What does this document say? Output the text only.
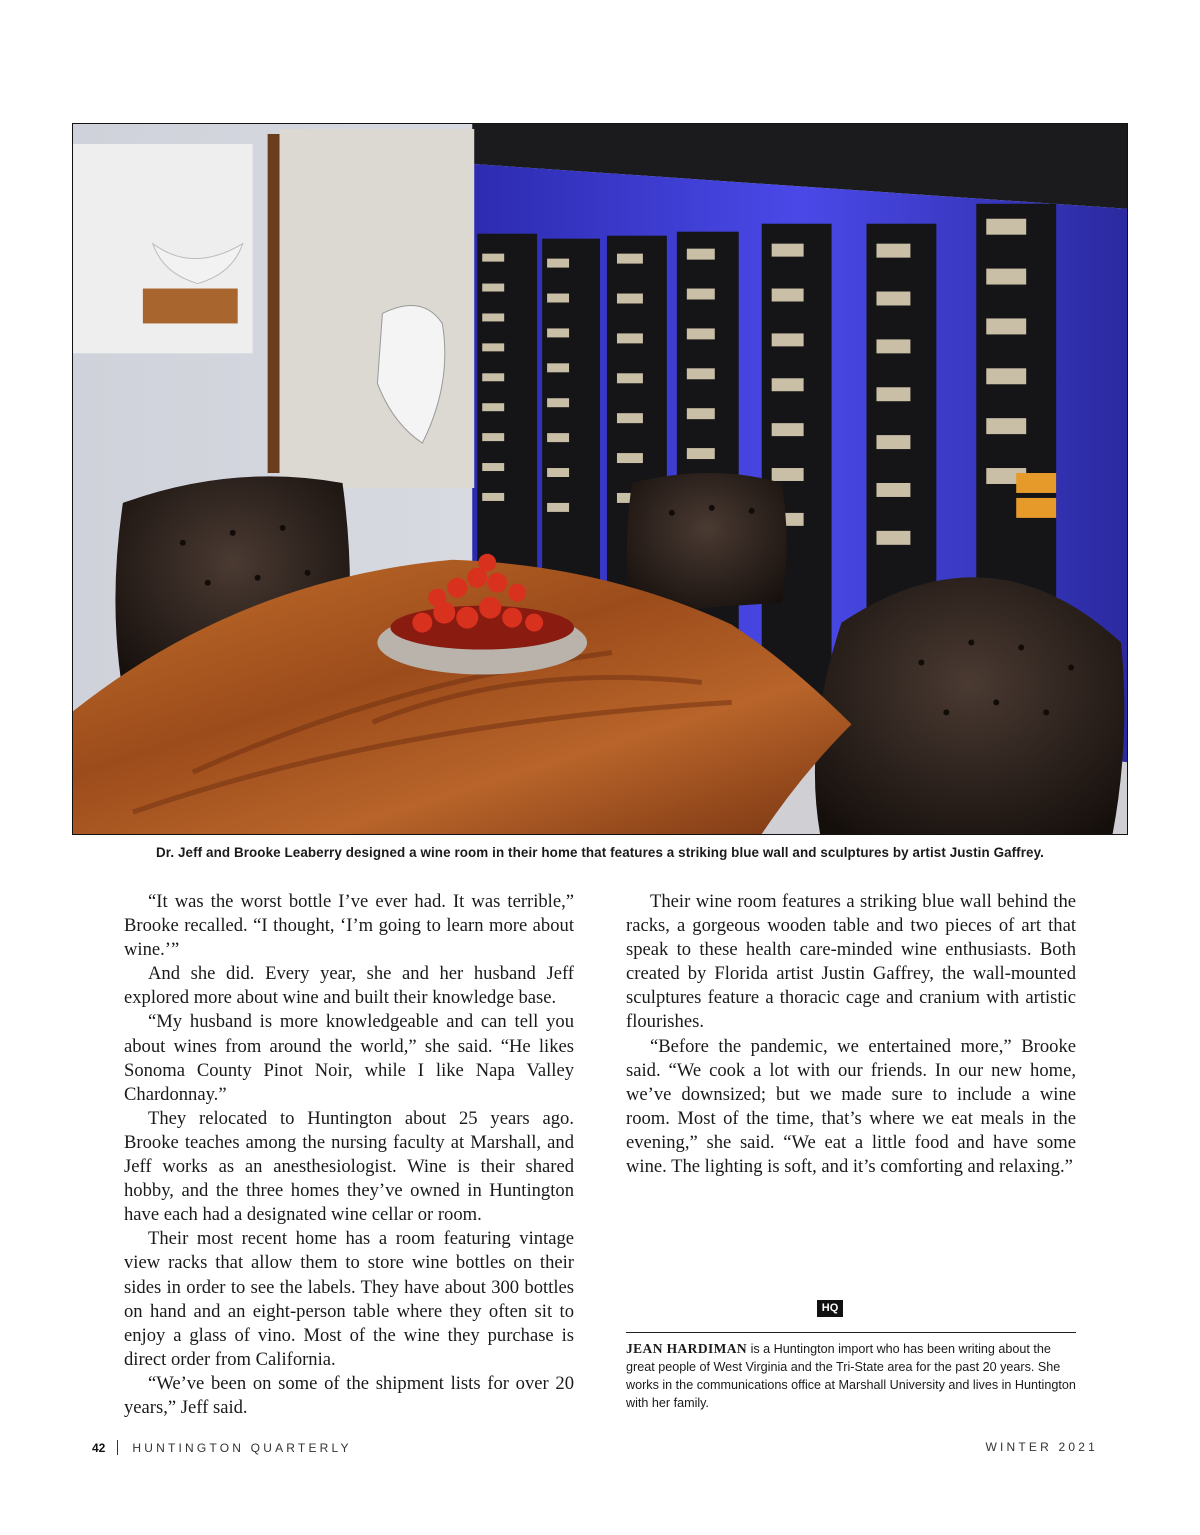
Dr. Jeff and Brooke Leaberry designed a wine room in their home that features a striking blue wall and sculptures by artist Justin Gaffrey.

“It was the worst bottle I’ve ever had. It was terrible,” Brooke recalled. “I thought, ‘I’m going to learn more about wine.’”

And she did. Every year, she and her husband Jeff explored more about wine and built their knowledge base.

“My husband is more knowledgeable and can tell you about wines from around the world,” she said. “He likes Sonoma County Pinot Noir, while I like Napa Valley Chardonnay.”

They relocated to Huntington about 25 years ago. Brooke teaches among the nursing faculty at Marshall, and Jeff works as an anesthesiologist. Wine is their shared hobby, and the three homes they’ve owned in Huntington have each had a designated wine cellar or room.

Their most recent home has a room featuring vintage view racks that allow them to store wine bottles on their sides in order to see the labels. They have about 300 bottles on hand and an eight-person table where they often sit to enjoy a glass of vino. Most of the wine they purchase is direct order from California.

“We’ve been on some of the shipment lists for over 20 years,” Jeff said.

Their wine room features a striking blue wall behind the racks, a gorgeous wooden table and two pieces of art that speak to these health care-minded wine enthusiasts. Both created by Florida artist Justin Gaffrey, the wall-mounted sculptures feature a thoracic cage and cranium with artistic flourishes.

“Before the pandemic, we entertained more,” Brooke said. “We cook a lot with our friends. In our new home, we’ve downsized; but we made sure to include a wine room. Most of the time, that’s where we eat meals in the evening,” she said. “We eat a little food and have some wine. The lighting is soft, and it’s comforting and relaxing.”

HQ
JEAN HARDIMAN is a Huntington import who has been writing about the great people of West Virginia and the Tri-State area for the past 20 years. She works in the communications office at Marshall University and lives in Huntington with her family.
42 HUNTINGTON QUARTERLY	WINTER 2021
